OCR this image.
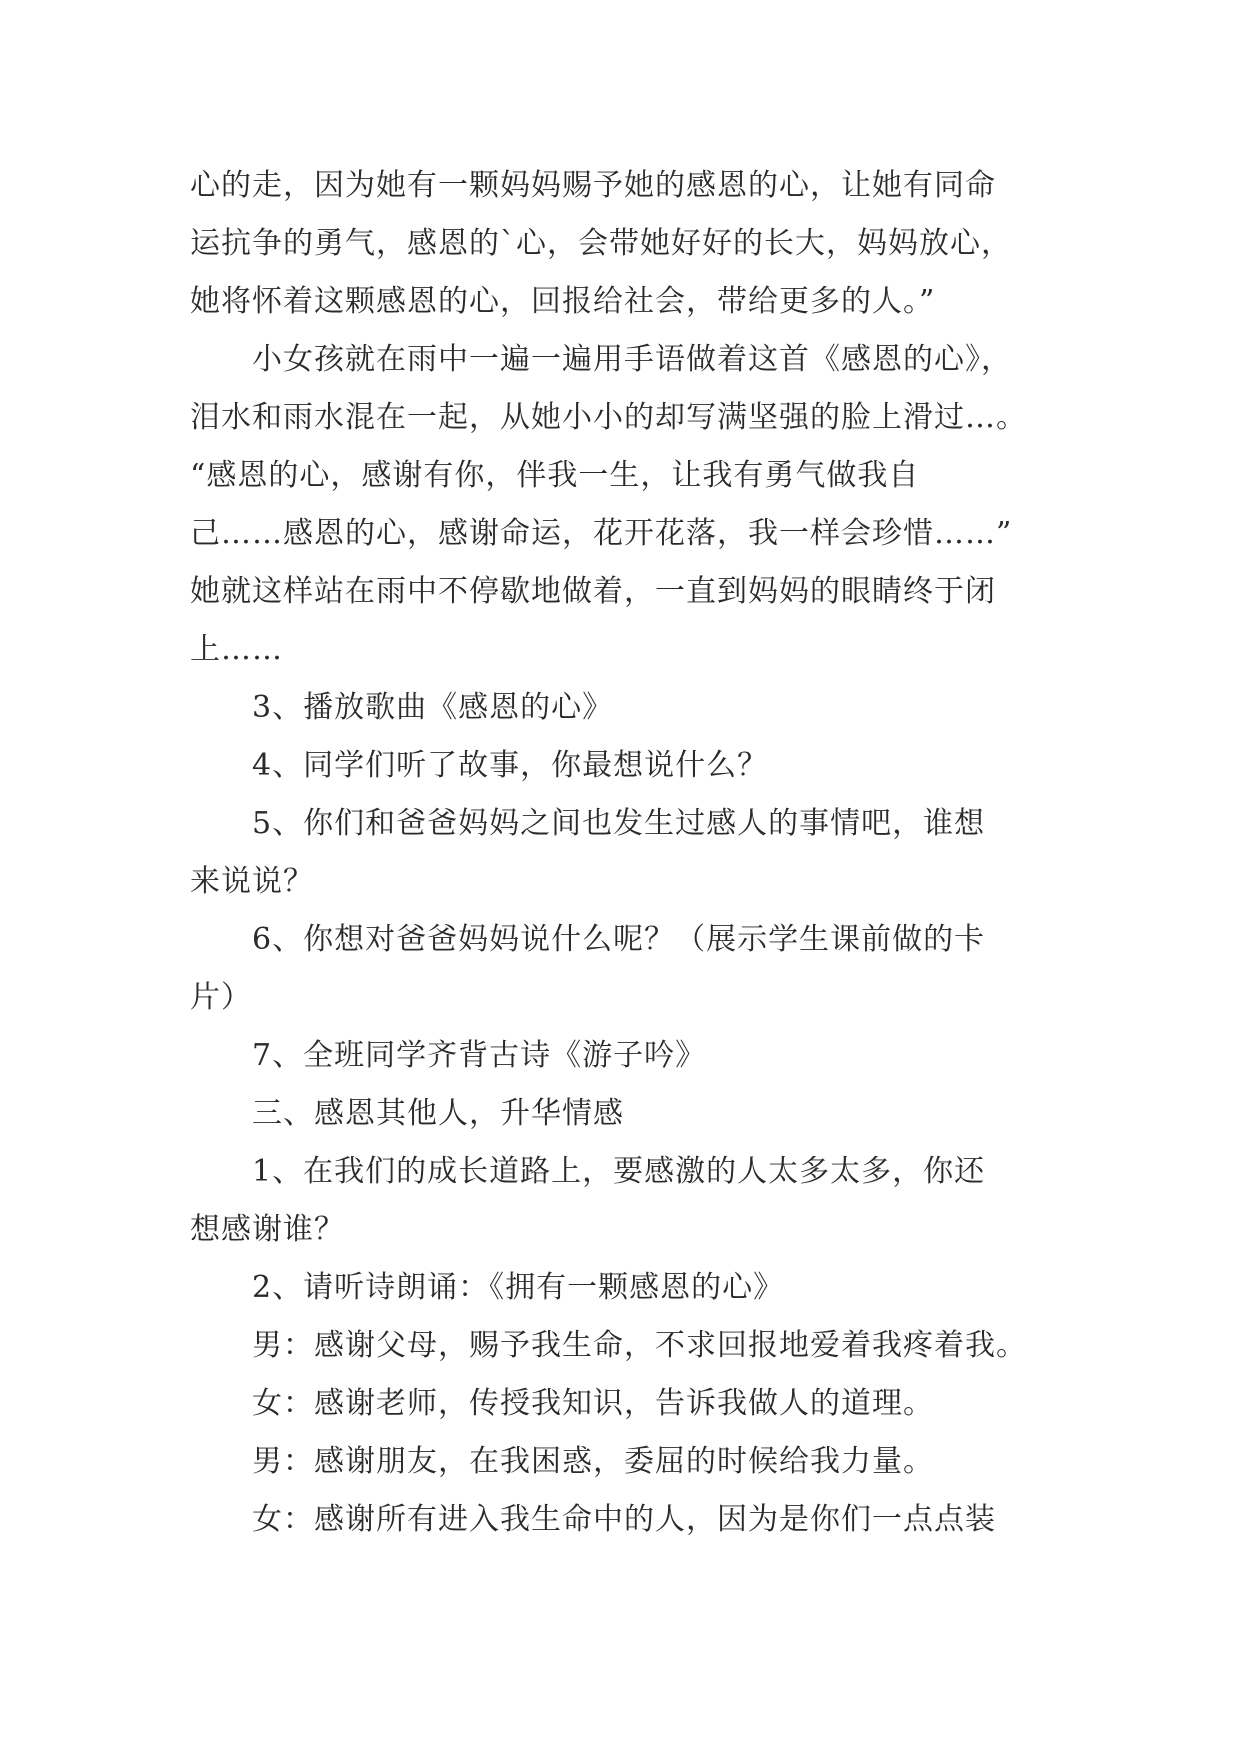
心的走，因为她有一颗妈妈赐予她的感恩的心，让她有同命
运抗争的勇气，感恩的`心，会带她好好的长大，妈妈放心，
她将怀着这颗感恩的心，回报给社会，带给更多的人。”
小女孩就在雨中一遍一遍用手语做着这首《感恩的心》，
泪水和雨水混在一起，从她小小的却写满坚强的脸上滑过…。
“感恩的心，感谢有你，伴我一生，让我有勇气做我自
己……感恩的心，感谢命运，花开花落，我一样会珍惜……”
她就这样站在雨中不停歇地做着，一直到妈妈的眼睛终于闭
上……
3、播放歌曲《感恩的心》
4、同学们听了故事，你最想说什么？
5、你们和爸爸妈妈之间也发生过感人的事情吧，谁想
来说说？
6、你想对爸爸妈妈说什么呢？（展示学生课前做的卡
片）
7、全班同学齐背古诗《游子吟》
三、感恩其他人，升华情感
1、在我们的成长道路上，要感激的人太多太多，你还
想感谢谁？
2、请听诗朗诵：《拥有一颗感恩的心》
男：感谢父母，赐予我生命，不求回报地爱着我疼着我。
女：感谢老师，传授我知识，告诉我做人的道理。
男：感谢朋友，在我困惑，委屈的时候给我力量。
女：感谢所有进入我生命中的人，因为是你们一点点装
